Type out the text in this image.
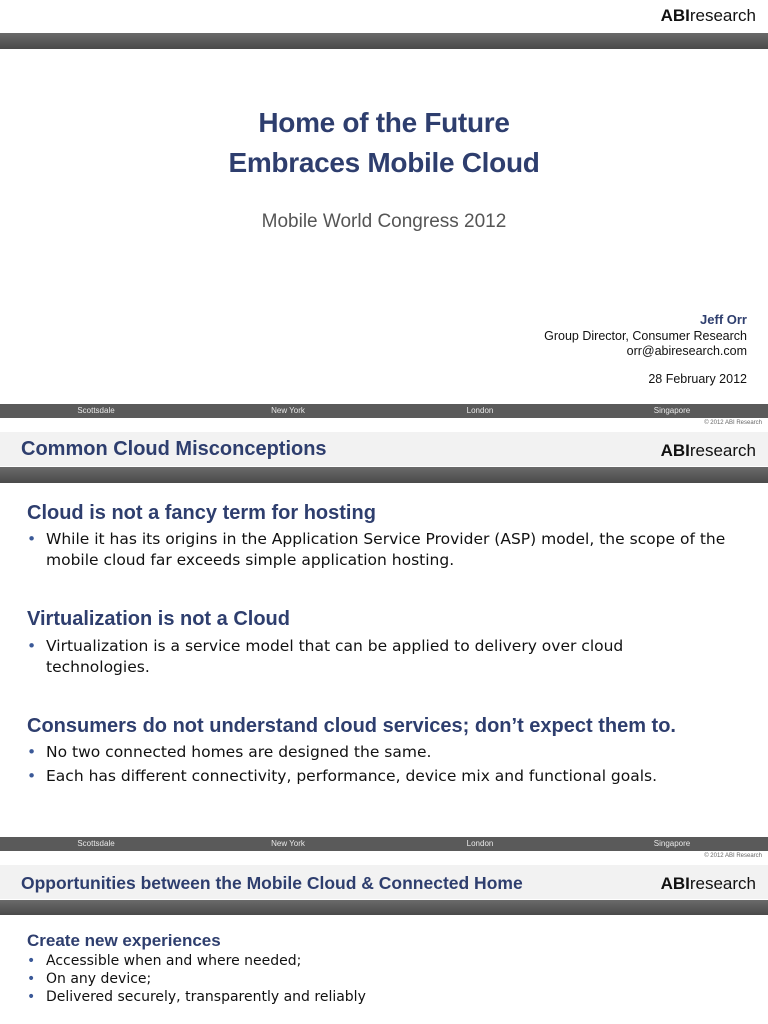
ABIresearch
Home of the Future
Embraces Mobile Cloud
Mobile World Congress 2012
Jeff Orr
Group Director, Consumer Research
orr@abiresearch.com
28 February 2012
Scottsdale	New York	London	Singapore
© 2012 ABI Research
Common Cloud Misconceptions	ABIresearch
Cloud is not a fancy term for hosting
• While it has its origins in the Application Service Provider (ASP) model, the scope of the mobile cloud far exceeds simple application hosting.
Virtualization is not a Cloud
• Virtualization is a service model that can be applied to delivery over cloud technologies.
Consumers do not understand cloud services; don’t expect them to.
• No two connected homes are designed the same.
• Each has different connectivity, performance, device mix and functional goals.
Scottsdale	New York	London	Singapore
© 2012 ABI Research
Opportunities between the Mobile Cloud & Connected Home	ABIresearch
Create new experiences
• Accessible when and where needed;
• On any device;
• Delivered securely, transparently and reliably
